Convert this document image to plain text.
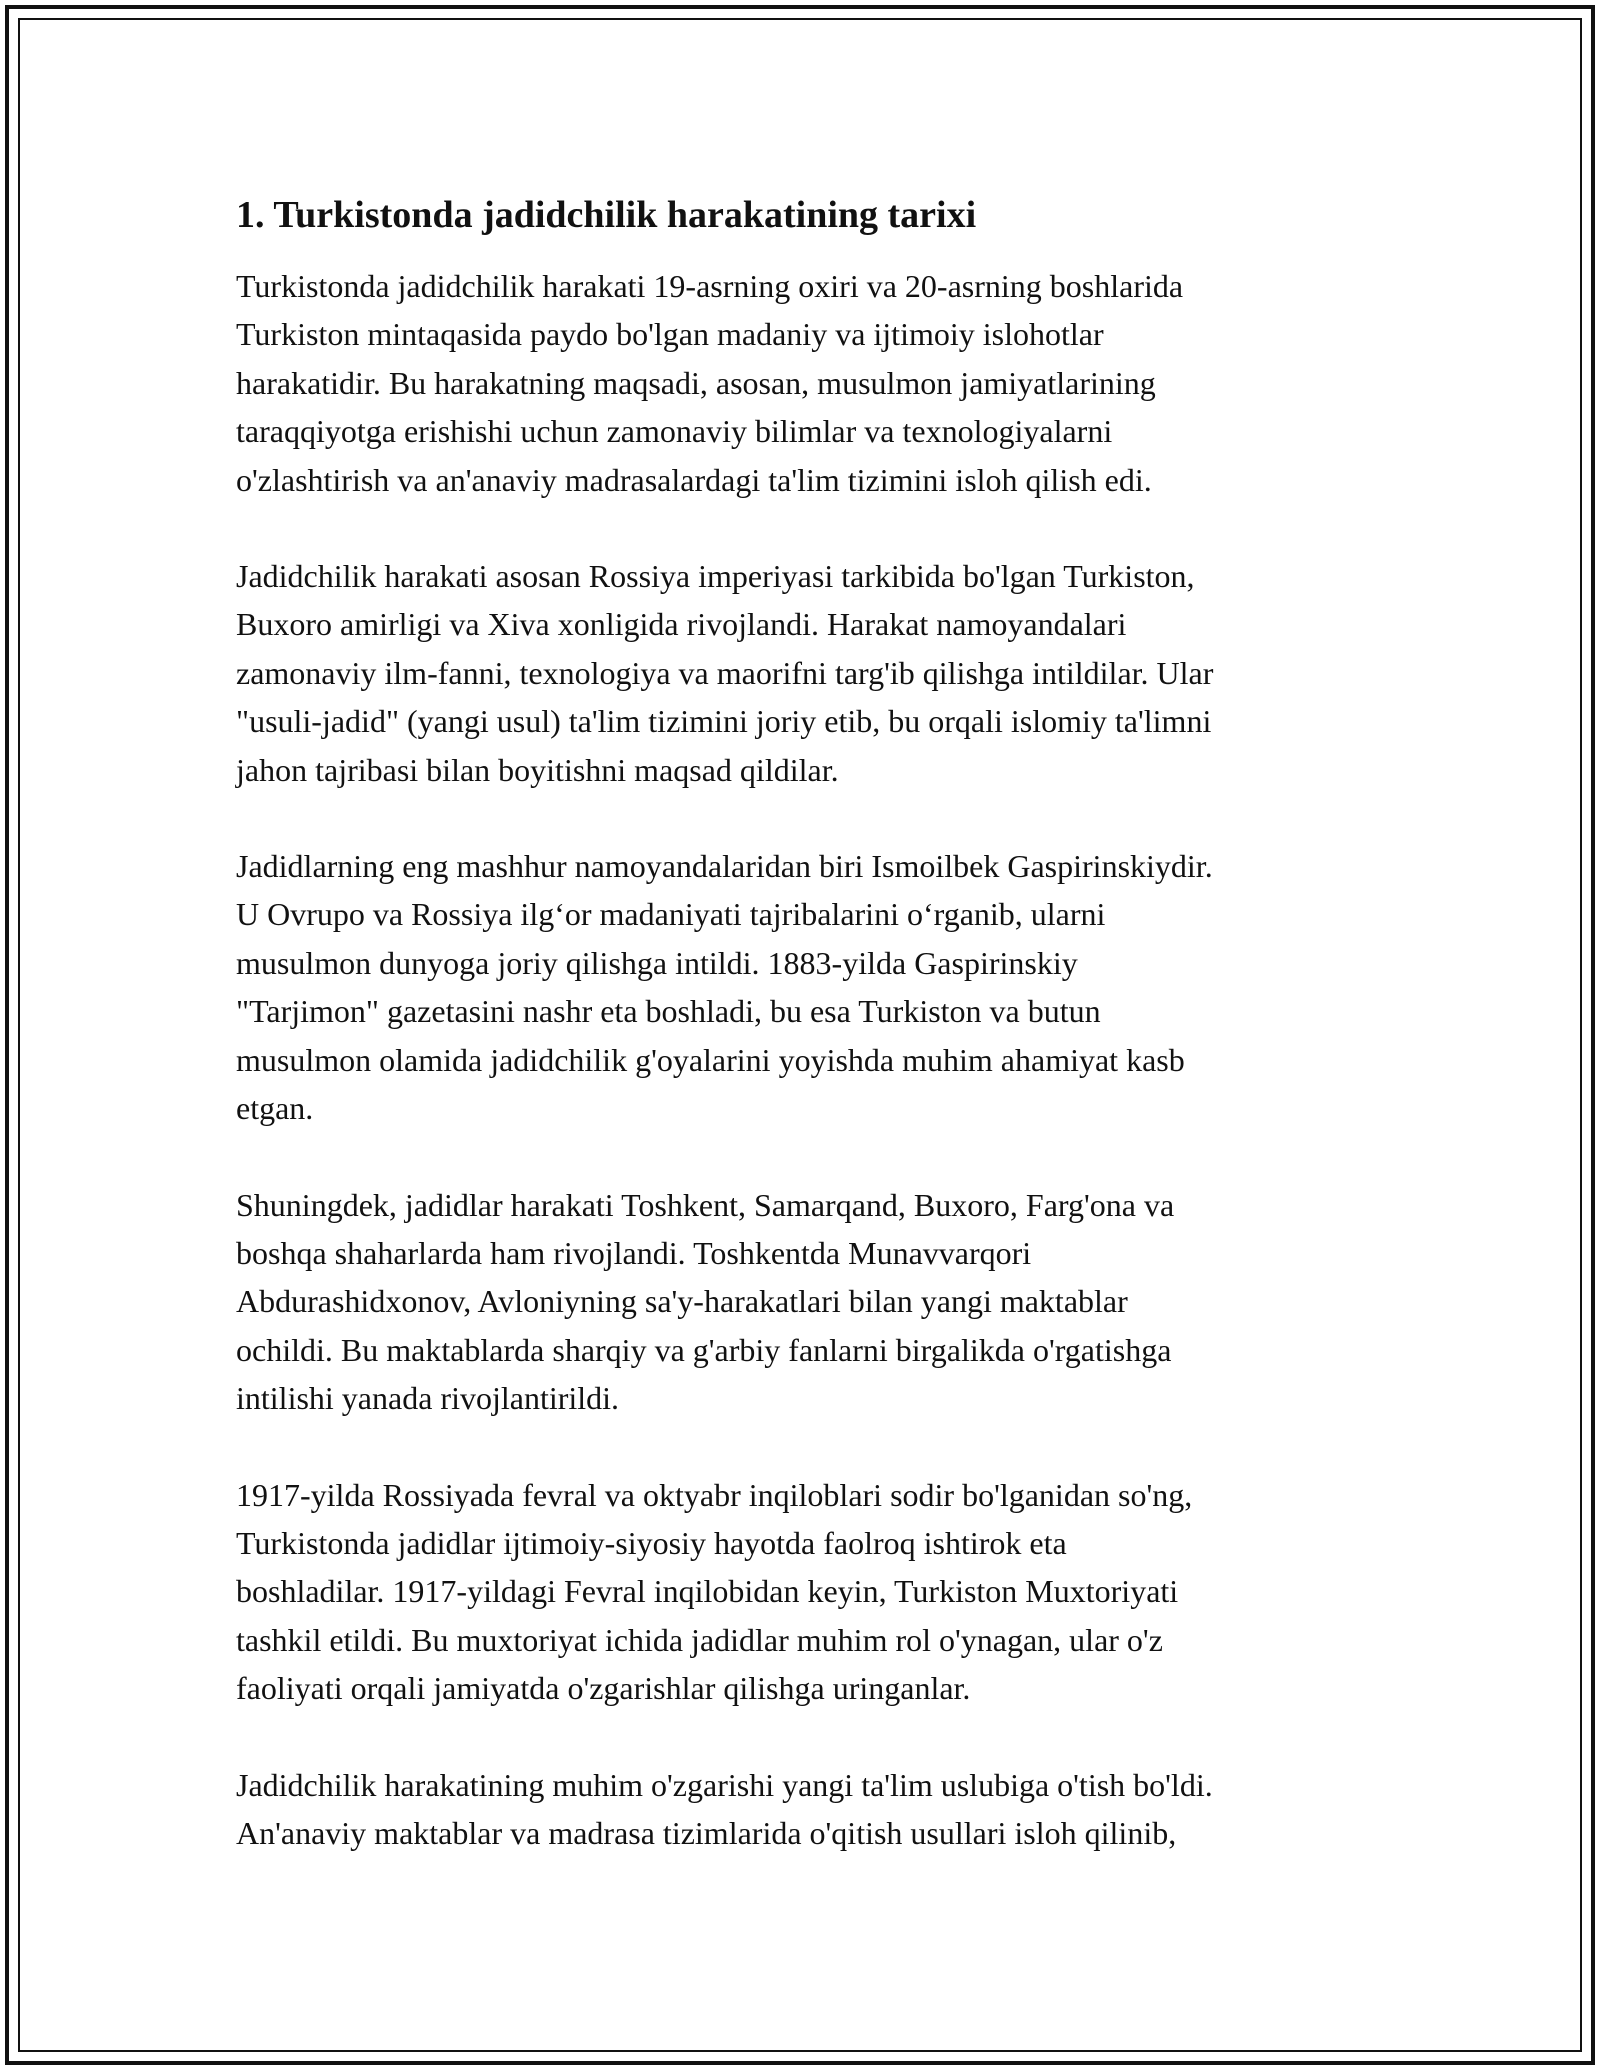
1. Turkistonda jadidchilik harakatining tarixi

Turkistonda jadidchilik harakati 19-asrning oxiri va 20-asrning boshlarida
Turkiston mintaqasida paydo bo'lgan madaniy va ijtimoiy islohotlar
harakatidir. Bu harakatning maqsadi, asosan, musulmon jamiyatlarining
taraqqiyotga erishishi uchun zamonaviy bilimlar va texnologiyalarni
o'zlashtirish va an'anaviy madrasalardagi ta'lim tizimini isloh qilish edi.

Jadidchilik harakati asosan Rossiya imperiyasi tarkibida bo'lgan Turkiston,
Buxoro amirligi va Xiva xonligida rivojlandi. Harakat namoyandalari
zamonaviy ilm-fanni, texnologiya va maorifni targ'ib qilishga intildilar. Ular
"usuli-jadid" (yangi usul) ta'lim tizimini joriy etib, bu orqali islomiy ta'limni
jahon tajribasi bilan boyitishni maqsad qildilar.

Jadidlarning eng mashhur namoyandalaridan biri Ismoilbek Gaspirinskiydir.
U Ovrupo va Rossiya ilg‘or madaniyati tajribalarini o‘rganib, ularni
musulmon dunyoga joriy qilishga intildi. 1883-yilda Gaspirinskiy
"Tarjimon" gazetasini nashr eta boshladi, bu esa Turkiston va butun
musulmon olamida jadidchilik g'oyalarini yoyishda muhim ahamiyat kasb
etgan.

Shuningdek, jadidlar harakati Toshkent, Samarqand, Buxoro, Farg'ona va
boshqa shaharlarda ham rivojlandi. Toshkentda Munavvarqori
Abdurashidxonov, Avloniyning sa'y-harakatlari bilan yangi maktablar
ochildi. Bu maktablarda sharqiy va g'arbiy fanlarni birgalikda o'rgatishga
intilishi yanada rivojlantirildi.

1917-yilda Rossiyada fevral va oktyabr inqiloblari sodir bo'lganidan so'ng,
Turkistonda jadidlar ijtimoiy-siyosiy hayotda faolroq ishtirok eta
boshladilar. 1917-yildagi Fevral inqilobidan keyin, Turkiston Muxtoriyati
tashkil etildi. Bu muxtoriyat ichida jadidlar muhim rol o'ynagan, ular o'z
faoliyati orqali jamiyatda o'zgarishlar qilishga uringanlar.

Jadidchilik harakatining muhim o'zgarishi yangi ta'lim uslubiga o'tish bo'ldi.
An'anaviy maktablar va madrasa tizimlarida o'qitish usullari isloh qilinib,
